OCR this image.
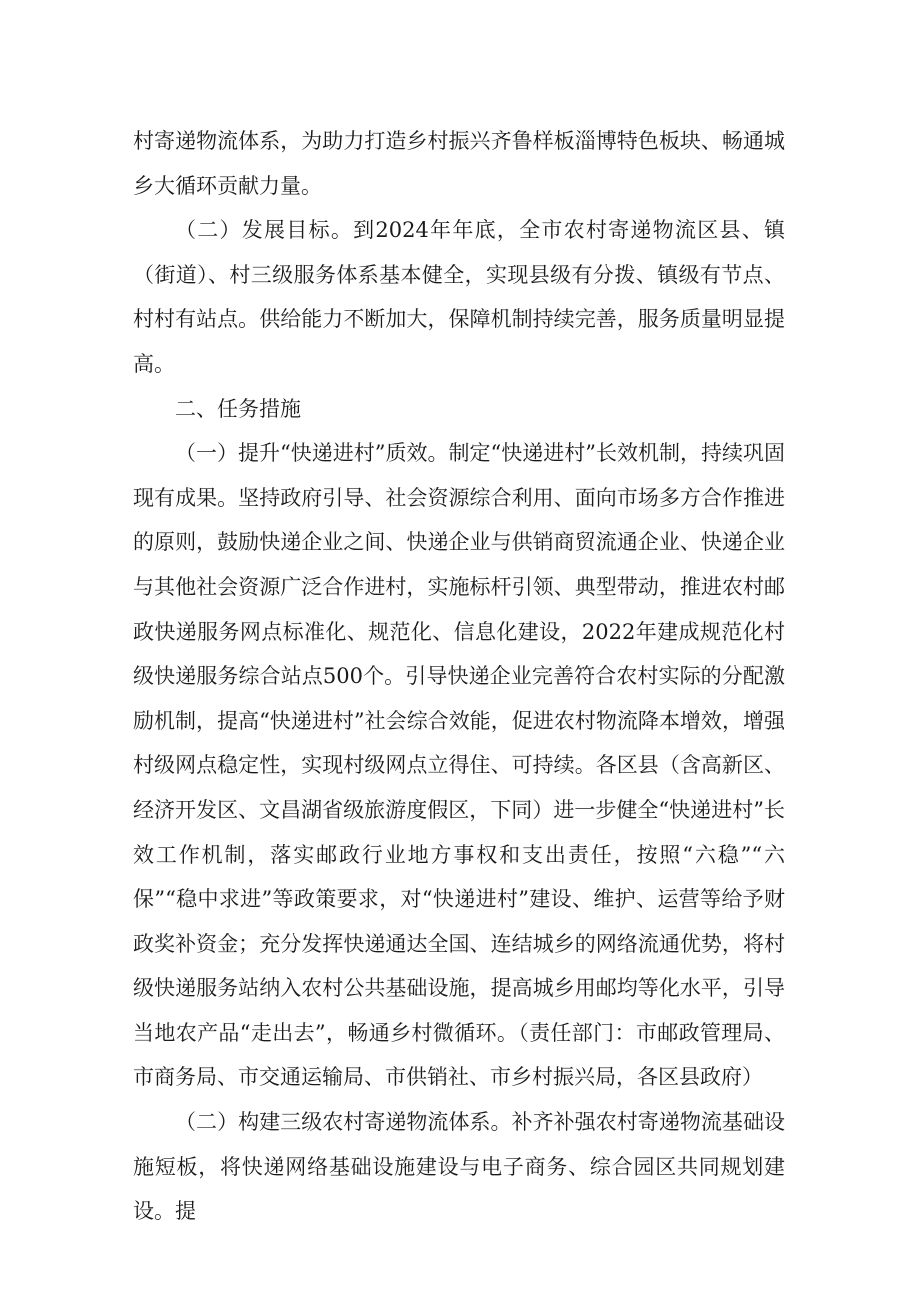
村寄递物流体系，为助力打造乡村振兴齐鲁样板淄博特色板块、畅通城乡大循环贡献力量。

（二）发展目标。到2024年年底，全市农村寄递物流区县、镇（街道）、村三级服务体系基本健全，实现县级有分拨、镇级有节点、村村有站点。供给能力不断加大，保障机制持续完善，服务质量明显提高。

二、任务措施

（一）提升“快递进村”质效。制定“快递进村”长效机制，持续巩固现有成果。坚持政府引导、社会资源综合利用、面向市场多方合作推进的原则，鼓励快递企业之间、快递企业与供销商贸流通企业、快递企业与其他社会资源广泛合作进村，实施标杆引领、典型带动，推进农村邮政快递服务网点标准化、规范化、信息化建设，2022年建成规范化村级快递服务综合站点500个。引导快递企业完善符合农村实际的分配激励机制，提高“快递进村”社会综合效能，促进农村物流降本增效，增强村级网点稳定性，实现村级网点立得住、可持续。各区县（含高新区、经济开发区、文昌湖省级旅游度假区，下同）进一步健全“快递进村”长效工作机制，落实邮政行业地方事权和支出责任，按照“六稳”“六保”“稳中求进”等政策要求，对“快递进村”建设、维护、运营等给予财政奖补资金；充分发挥快递通达全国、连结城乡的网络流通优势，将村级快递服务站纳入农村公共基础设施，提高城乡用邮均等化水平，引导当地农产品“走出去”，畅通乡村微循环。（责任部门：市邮政管理局、市商务局、市交通运输局、市供销社、市乡村振兴局，各区县政府）

（二）构建三级农村寄递物流体系。补齐补强农村寄递物流基础设施短板，将快递网络基础设施建设与电子商务、综合园区共同规划建设。提
